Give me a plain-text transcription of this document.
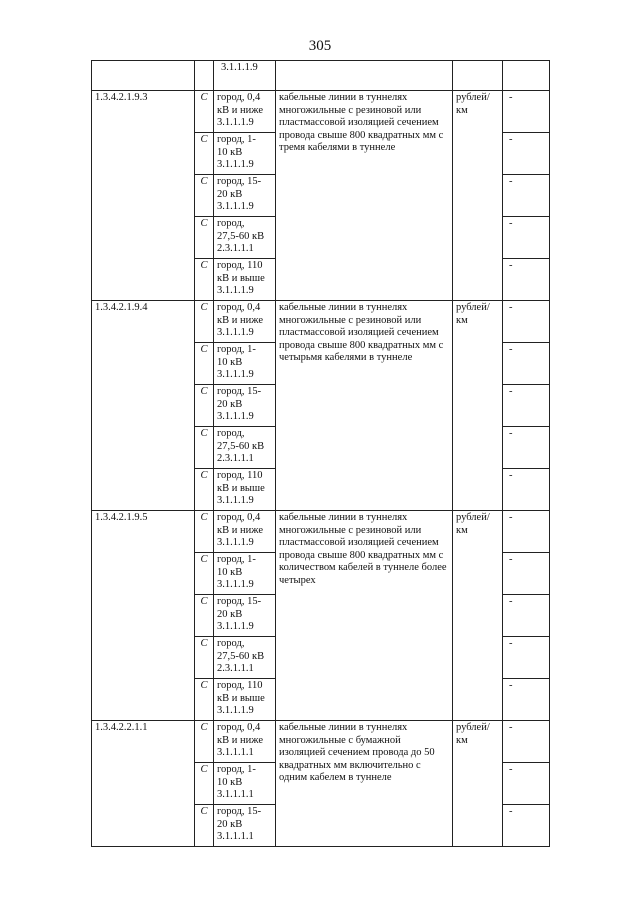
305

		3.1.1.1.9			

1.3.4.2.1.9.3	C	город, 0,4
кВ и ниже
3.1.1.1.9	кабельные линии в туннелях многожильные с резиновой или пластмассовой изоляцией сечением провода свыше 800 квадратных мм с тремя кабелями в туннеле	рублей/ км	-
	C	город, 1-
10 кВ
3.1.1.1.9			-
	C	город, 15-
20 кВ
3.1.1.1.9			-
	C	город,
27,5-60 кВ
2.3.1.1.1			-
	C	город, 110
кВ и выше
3.1.1.1.9			-
1.3.4.2.1.9.4	C	город, 0,4
кВ и ниже
3.1.1.1.9	кабельные линии в туннелях многожильные с резиновой или пластмассовой изоляцией сечением провода свыше 800 квадратных мм с четырьмя кабелями в туннеле	рублей/ км	-
	C	город, 1-
10 кВ
3.1.1.1.9			-
	C	город, 15-
20 кВ
3.1.1.1.9			-
	C	город,
27,5-60 кВ
2.3.1.1.1			-
	C	город, 110
кВ и выше
3.1.1.1.9			-
1.3.4.2.1.9.5	C	город, 0,4
кВ и ниже
3.1.1.1.9	кабельные линии в туннелях многожильные с резиновой или пластмассовой изоляцией сечением провода свыше 800 квадратных мм с количеством кабелей в туннеле более четырех	рублей/ км	-
	C	город, 1-
10 кВ
3.1.1.1.9			-
	C	город, 15-
20 кВ
3.1.1.1.9			-
	C	город,
27,5-60 кВ
2.3.1.1.1			-
	C	город, 110
кВ и выше
3.1.1.1.9			-
1.3.4.2.2.1.1	C	город, 0,4
кВ и ниже
3.1.1.1.1	кабельные линии в туннелях многожильные с бумажной изоляцией сечением провода до 50 квадратных мм включительно с одним кабелем в туннеле	рублей/ км	-
	C	город, 1-
10 кВ
3.1.1.1.1			-
	C	город, 15-
20 кВ
3.1.1.1.1			-
